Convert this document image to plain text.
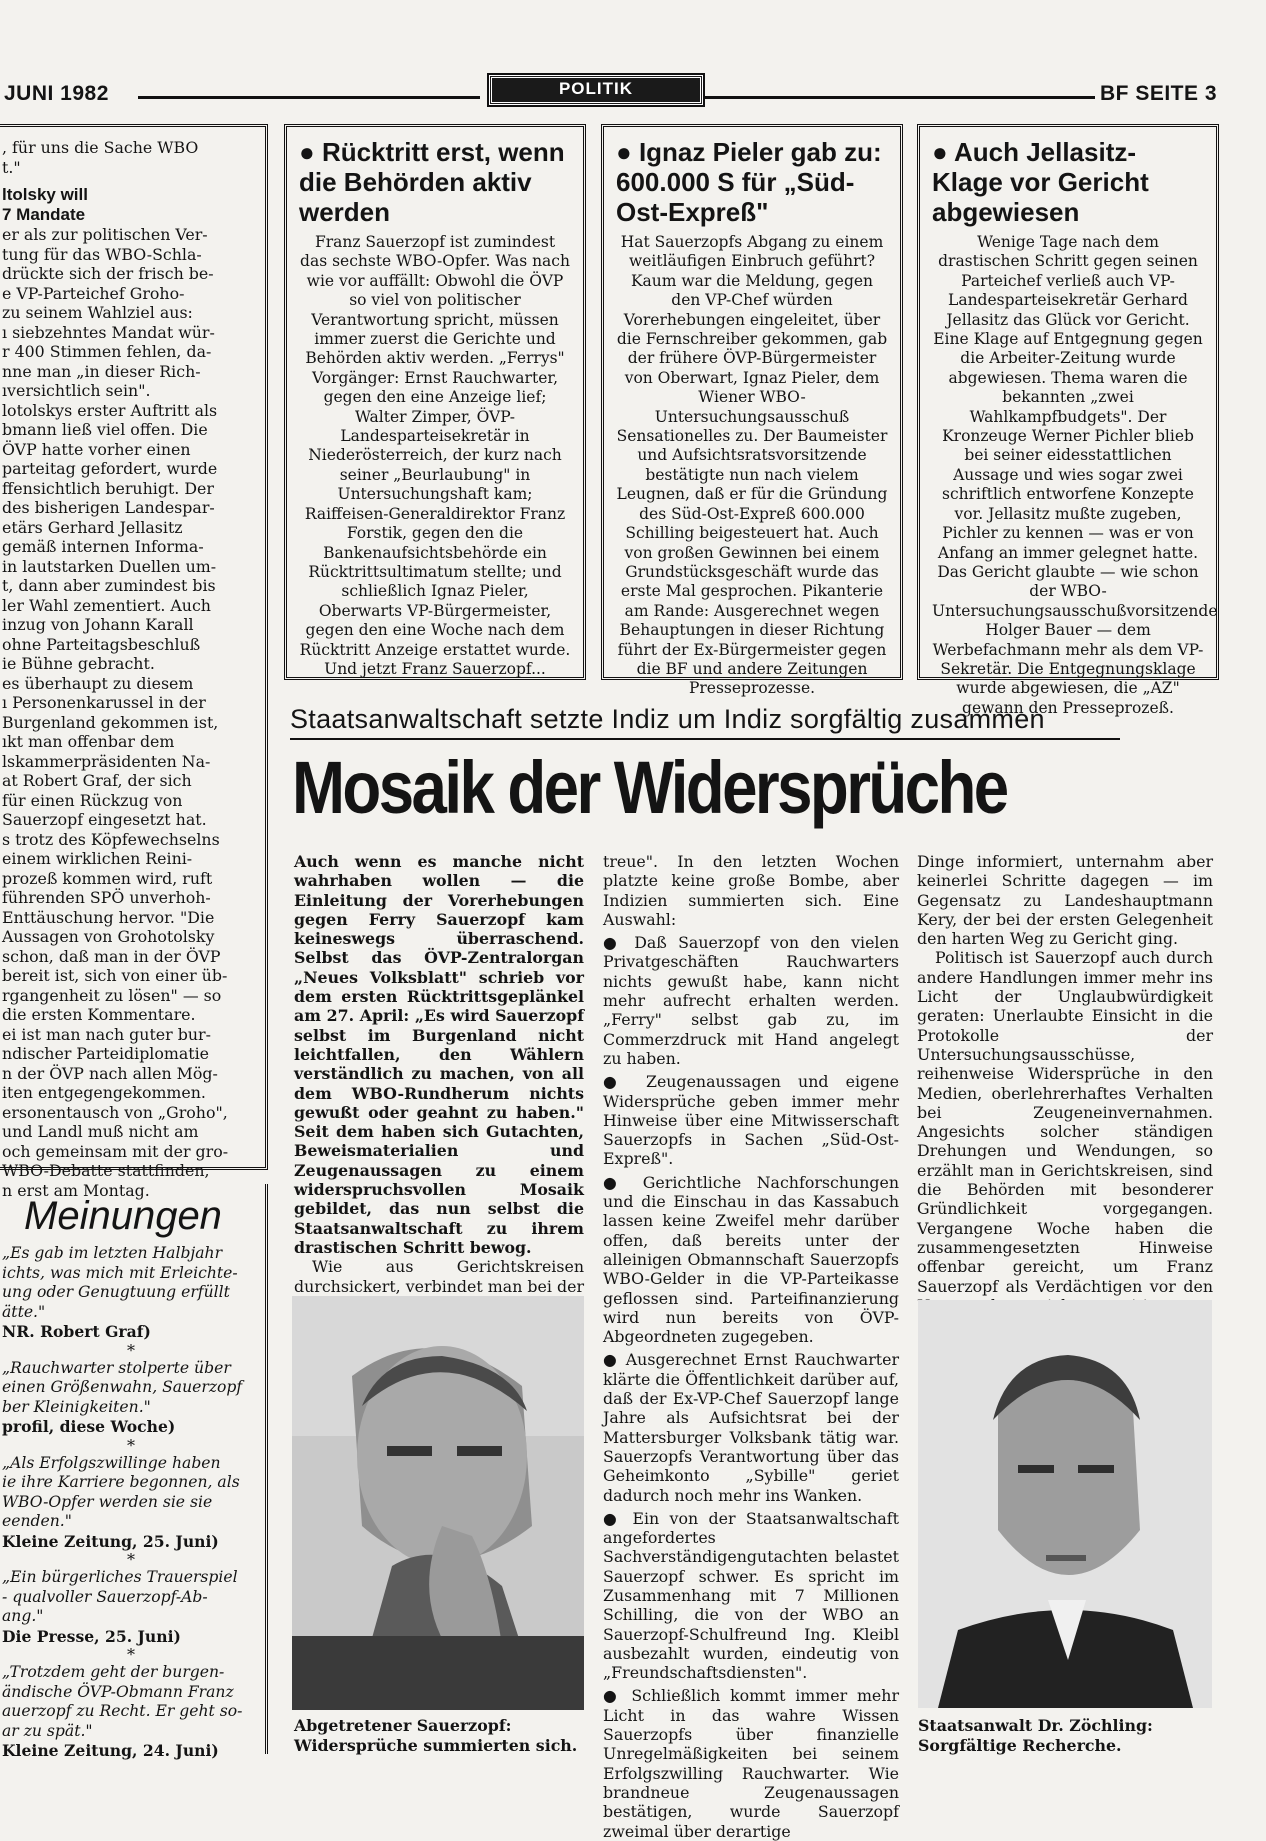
JUNI 1982	POLITIK	BF SEITE 3

, für uns die Sache WBO

t."

ltolsky will

7 Mandate

er als zur politischen Ver-

tung für das WBO-Schla-

drückte sich der frisch be-

e VP-Parteichef Groho-

zu seinem Wahlziel aus:

ı siebzehntes Mandat wür-

r 400 Stimmen fehlen, da-

nne man „in dieser Rich-

ıversichtlich sein".

lotolskys erster Auftritt als

bmann ließ viel offen. Die

ÖVP hatte vorher einen

parteitag gefordert, wurde

ffensichtlich beruhigt. Der

des bisherigen Landespar-

etärs Gerhard Jellasitz

gemäß internen Informa-

in lautstarken Duellen um-

t, dann aber zumindest bis

ler Wahl zementiert. Auch

inzug von Johann Karall

ohne Parteitagsbeschluß

ie Bühne gebracht.

es überhaupt zu diesem

ı Personenkarussel in der

Burgenland gekommen ist,

ıkt man offenbar dem

lskammerpräsidenten Na-

at Robert Graf, der sich

für einen Rückzug von

Sauerzopf eingesetzt hat.

s trotz des Köpfewechselns

einem wirklichen Reini-

prozeß kommen wird, ruft

führenden SPÖ unverhoh-

Enttäuschung hervor. "Die

Aussagen von Grohotolsky

schon, daß man in der ÖVP

bereit ist, sich von einer üb-

rgangenheit zu lösen" — so

die ersten Kommentare.

ei ist man nach guter bur-

ndischer Parteidiplomatie

n der ÖVP nach allen Mög-

iten entgegengekommen.

ersonentausch von „Groho",

und Landl muß nicht am

och gemeinsam mit der gro-

WBO-Debatte stattfinden,

n erst am Montag.

Meinungen
„Es gab im letzten Halbjahr
ichts, was mich mit Erleichte-
ung oder Genugtuung erfüllt
ätte."
NR. Robert Graf)
*
„Rauchwarter stolperte über
einen Größenwahn, Sauerzopf
ber Kleinigkeiten."
profil, diese Woche)
*
„Als Erfolgszwillinge haben
ie ihre Karriere begonnen, als
WBO-Opfer werden sie sie
eenden."
Kleine Zeitung, 25. Juni)
*
„Ein bürgerliches Trauerspiel
- qualvoller Sauerzopf-Ab-
ang."
Die Presse, 25. Juni)
*
„Trotzdem geht der burgen-
ändische ÖVP-Obmann Franz
auerzopf zu Recht. Er geht so-
ar zu spät."
Kleine Zeitung, 24. Juni)
● Rücktritt erst, wenn die Behörden aktiv werden

Franz Sauerzopf ist zumindest das sechste WBO-Opfer. Was nach wie vor auffällt: Obwohl die ÖVP so viel von politischer Verantwortung spricht, müssen immer zuerst die Gerichte und Behörden aktiv werden. „Ferrys" Vorgänger: Ernst Rauchwarter, gegen den eine Anzeige lief; Walter Zimper, ÖVP-Landesparteisekretär in Niederösterreich, der kurz nach seiner „Beurlaubung" in Untersuchungshaft kam; Raiffeisen-Generaldirektor Franz Forstik, gegen den die Bankenaufsichtsbehörde ein Rücktrittsultimatum stellte; und schließlich Ignaz Pieler, Oberwarts VP-Bürgermeister, gegen den eine Woche nach dem Rücktritt Anzeige erstattet wurde. Und jetzt Franz Sauerzopf...

● Ignaz Pieler gab zu: 600.000 S für „Süd-Ost-Expreß"

Hat Sauerzopfs Abgang zu einem weitläufigen Einbruch geführt? Kaum war die Meldung, gegen den VP-Chef würden Vorerhebungen eingeleitet, über die Fernschreiber gekommen, gab der frühere ÖVP-Bürgermeister von Oberwart, Ignaz Pieler, dem Wiener WBO-Untersuchungsausschuß Sensationelles zu. Der Baumeister und Aufsichtsratsvorsitzende bestätigte nun nach vielem Leugnen, daß er für die Gründung des Süd-Ost-Expreß 600.000 Schilling beigesteuert hat. Auch von großen Gewinnen bei einem Grundstücksgeschäft wurde das erste Mal gesprochen. Pikanterie am Rande: Ausgerechnet wegen Behauptungen in dieser Richtung führt der Ex-Bürgermeister gegen die BF und andere Zeitungen Presseprozesse.

● Auch Jellasitz-Klage vor Gericht abgewiesen

Wenige Tage nach dem drastischen Schritt gegen seinen Parteichef verließ auch VP-Landesparteisekretär Gerhard Jellasitz das Glück vor Gericht. Eine Klage auf Entgegnung gegen die Arbeiter-Zeitung wurde abgewiesen. Thema waren die bekannten „zwei Wahlkampfbudgets". Der Kronzeuge Werner Pichler blieb bei seiner eidesstattlichen Aussage und wies sogar zwei schriftlich entworfene Konzepte vor. Jellasitz mußte zugeben, Pichler zu kennen — was er von Anfang an immer gelegnet hatte. Das Gericht glaubte — wie schon der WBO-Untersuchungsausschußvorsitzende Holger Bauer — dem Werbefachmann mehr als dem VP-Sekretär. Die Entgegnungsklage wurde abgewiesen, die „AZ" gewann den Presseprozeß.

Staatsanwaltschaft setzte Indiz um Indiz sorgfältig zusammen
Mosaik der Widersprüche

Auch wenn es manche nicht wahrhaben wollen — die Einleitung der Vorerhebungen gegen Ferry Sauerzopf kam keineswegs überraschend. Selbst das ÖVP-Zentralorgan „Neues Volksblatt" schrieb vor dem ersten Rücktrittsgeplänkel am 27. April: „Es wird Sauerzopf selbst im Burgenland nicht leichtfallen, den Wählern verständlich zu machen, von all dem WBO-Rundherum nichts gewußt oder geahnt zu haben." Seit dem haben sich Gutachten, Beweismaterialien und Zeugenaussagen zu einem widerspruchsvollen Mosaik gebildet, das nun selbst die Staatsanwaltschaft zu ihrem drastischen Schritt bewog.

Wie aus Gerichtskreisen durchsickert, verbindet man bei der

Abgetretener Sauerzopf: Widersprüche summierten sich.

treue". In den letzten Wochen platzte keine große Bombe, aber Indizien summierten sich. Eine Auswahl:

● Daß Sauerzopf von den vielen Privatgeschäften Rauchwarters nichts gewußt habe, kann nicht mehr aufrecht erhalten werden. „Ferry" selbst gab zu, im Commerzdruck mit Hand angelegt zu haben.

● Zeugenaussagen und eigene Widersprüche geben immer mehr Hinweise über eine Mitwisserschaft Sauerzopfs in Sachen „Süd-Ost-Expreß".

● Gerichtliche Nachforschungen und die Einschau in das Kassabuch lassen keine Zweifel mehr darüber offen, daß bereits unter der alleinigen Obmannschaft Sauerzopfs WBO-Gelder in die VP-Parteikasse geflossen sind. Parteifinanzierung wird nun bereits von ÖVP-Abgeordneten zugegeben.

● Ausgerechnet Ernst Rauchwarter klärte die Öffentlichkeit darüber auf, daß der Ex-VP-Chef Sauerzopf lange Jahre als Aufsichtsrat bei der Mattersburger Volksbank tätig war. Sauerzopfs Verantwortung über das Geheimkonto „Sybille" geriet dadurch noch mehr ins Wanken.

● Ein von der Staatsanwaltschaft angefordertes Sachverständigengutachten belastet Sauerzopf schwer. Es spricht im Zusammenhang mit 7 Millionen Schilling, die von der WBO an Sauerzopf-Schulfreund Ing. Kleibl ausbezahlt wurden, eindeutig von „Freundschaftsdiensten".

● Schließlich kommt immer mehr Licht in das wahre Wissen Sauerzopfs über finanzielle Unregelmäßigkeiten bei seinem Erfolgszwilling Rauchwarter. Wie brandneue Zeugenaussagen bestätigen, wurde Sauerzopf zweimal über derartige

Dinge informiert, unternahm aber keinerlei Schritte dagegen — im Gegensatz zu Landeshauptmann Kery, der bei der ersten Gelegenheit den harten Weg zu Gericht ging.

Politisch ist Sauerzopf auch durch andere Handlungen immer mehr ins Licht der Unglaubwürdigkeit geraten: Unerlaubte Einsicht in die Protokolle der Untersuchungsausschüsse, reihenweise Widersprüche in den Medien, oberlehrerhaftes Verhalten bei Zeugeneinvernahmen. Angesichts solcher ständigen Drehungen und Wendungen, so erzählt man in Gerichtskreisen, sind die Behörden mit besonderer Gründlichkeit vorgegangen. Vergangene Woche haben die zusammengesetzten Hinweise offenbar gereicht, um Franz Sauerzopf als Verdächtigen vor den

Staatsanwalt Dr. Zöchling: Sorgfältige Recherche.
